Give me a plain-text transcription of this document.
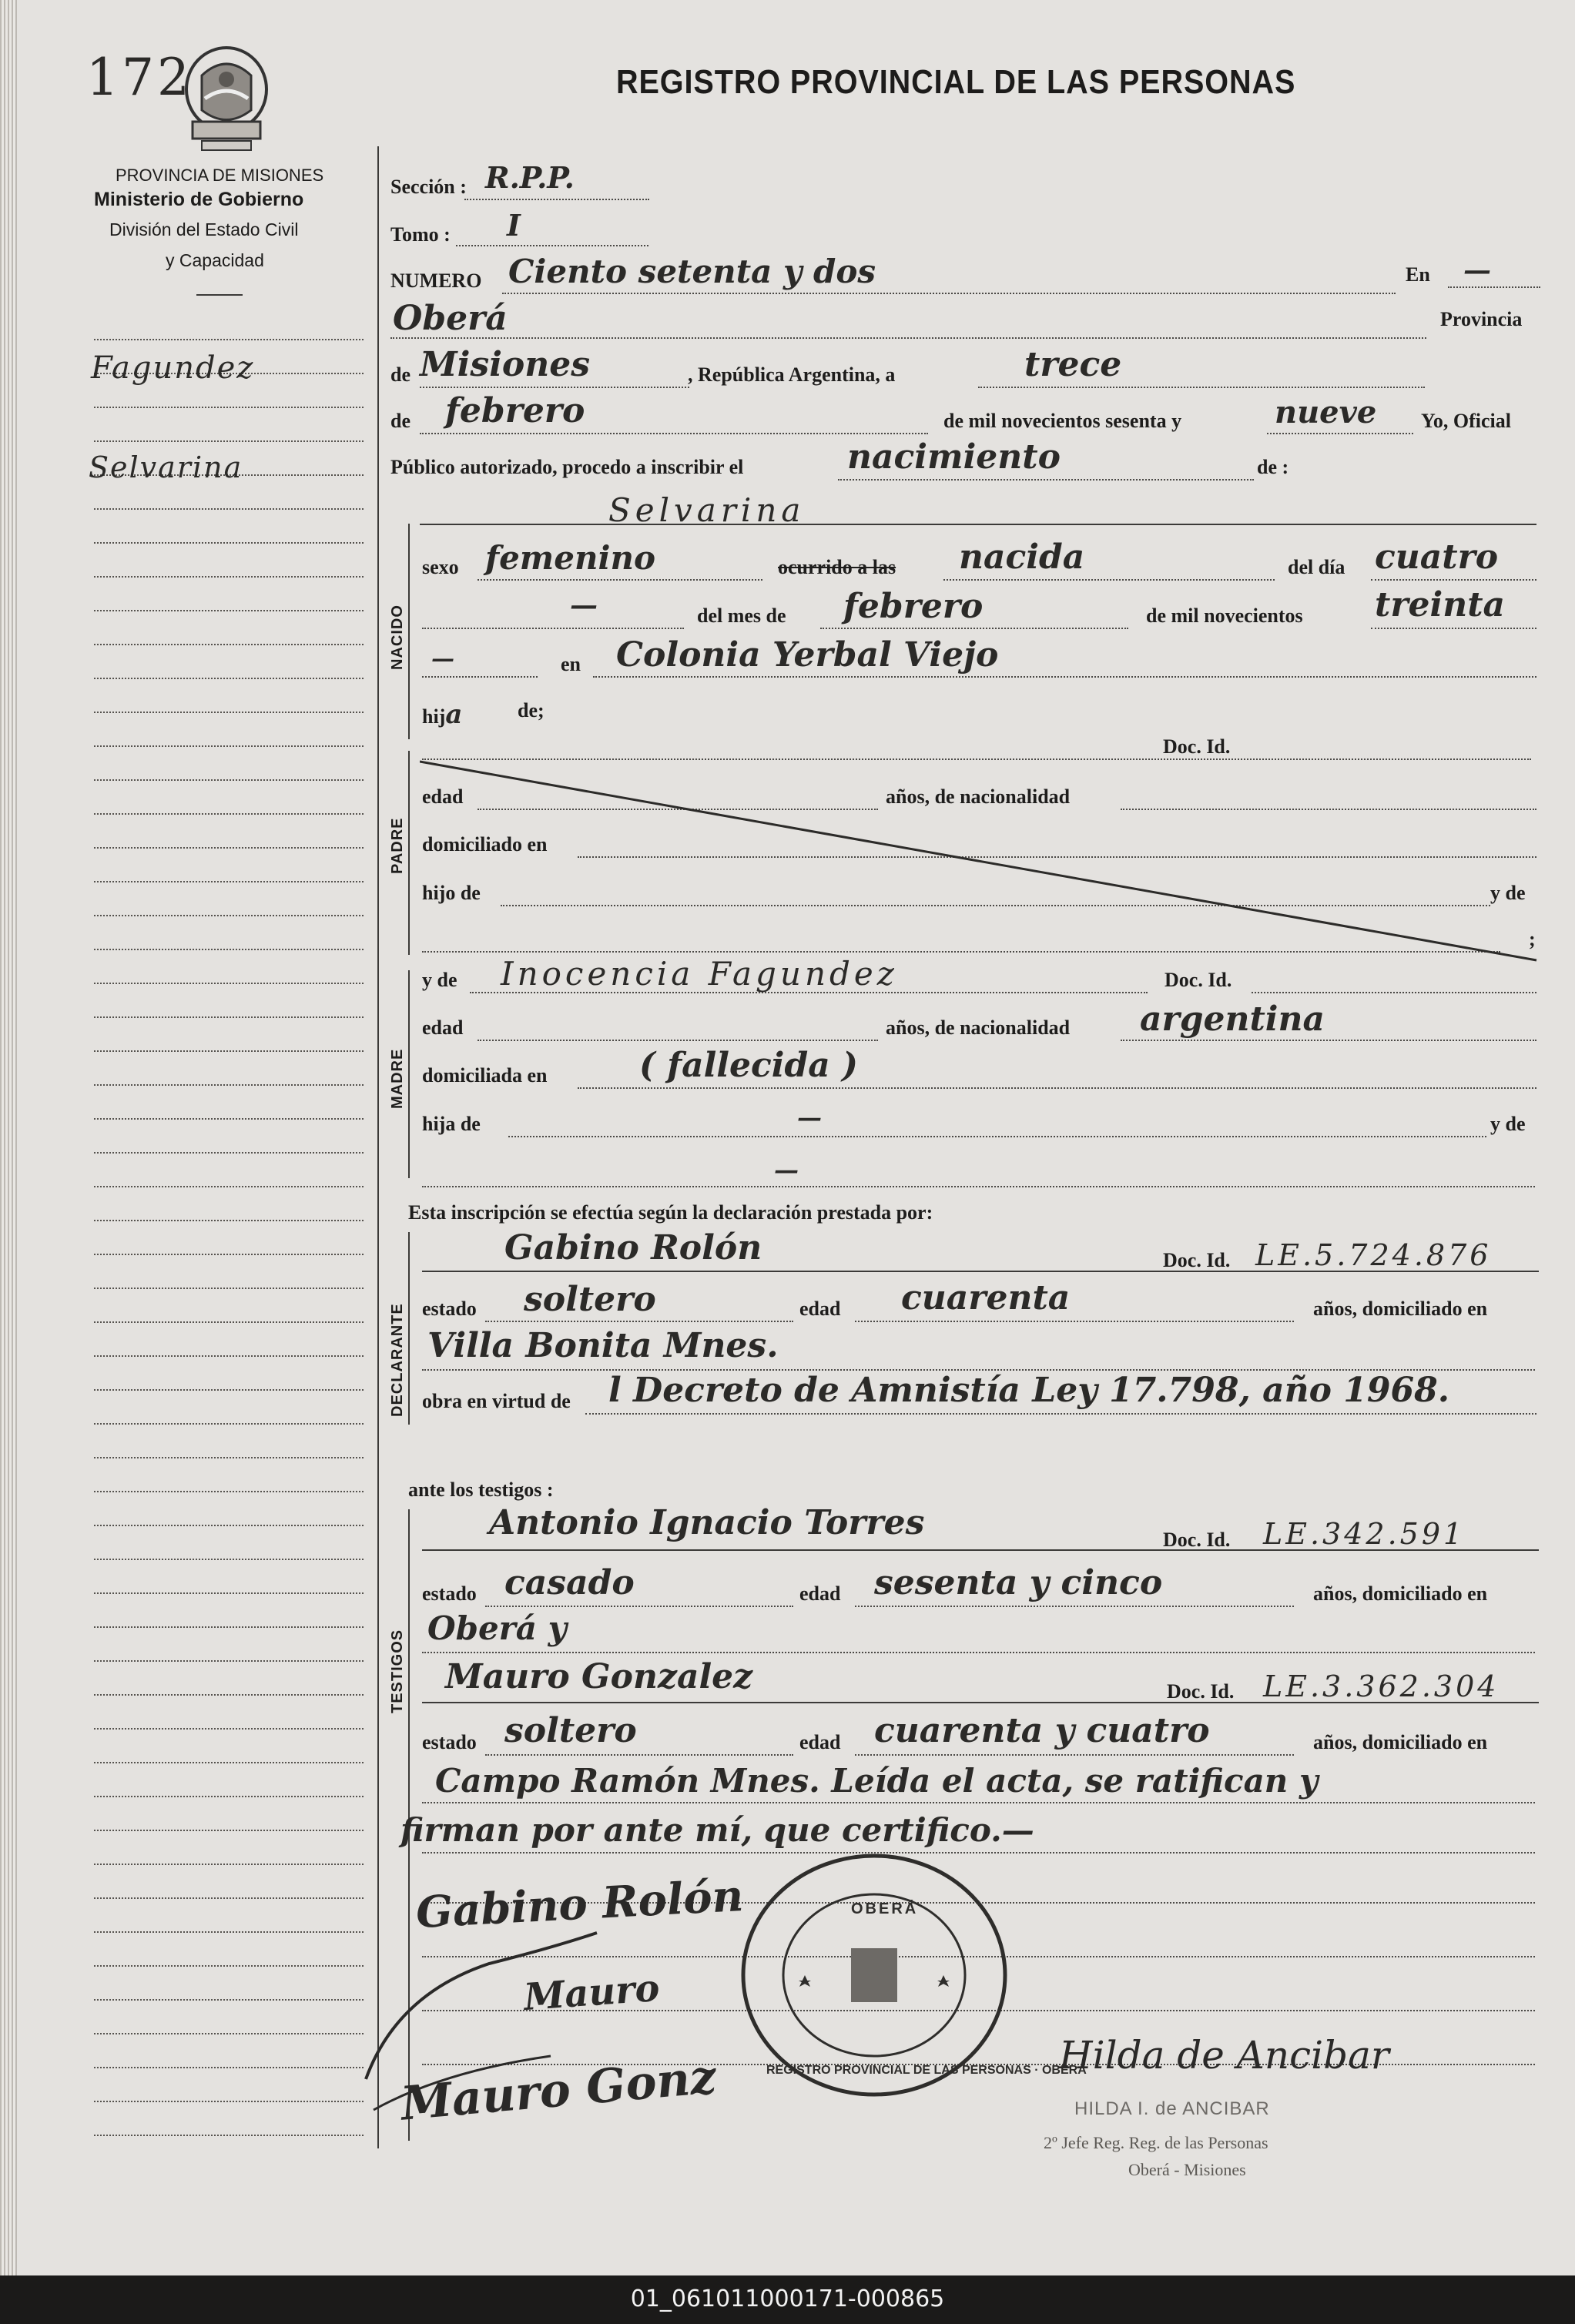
172	REGISTRO PROVINCIAL DE LAS PERSONAS
PROVINCIA DE MISIONES
Ministerio de Gobierno
División del Estado Civil
y Capacidad
Fagundez
Selvarina
Sección : R.P.P.
Tomo : I
NUMERO Ciento setenta y dos	En —
Oberá	Provincia
de Misiones	, República Argentina, a	trece
de febrero	de mil novecientos sesenta y	nueve Yo, Oficial
Público autorizado, procedo a inscribir el	nacimiento	de :
Selvarina
NACIDO
PADRE
MADRE
DECLARANTE
TESTIGOS
sexo femenino	ocurrido a las nacida	del día cuatro
—	del mes de febrero	de mil novecientos treinta
—	en Colonia Yerbal Viejo
hija	de;
Doc. Id.
edad	años, de nacionalidad
domiciliado en
hijo de	y de
;
y de Inocencia Fagundez	Doc. Id.
edad	años, de nacionalidad argentina
domiciliada en	( fallecida )
hija de	—	y de
—
Esta inscripción se efectúa según la declaración prestada por:
Gabino Rolón	Doc. Id. LE.5.724.876
estado soltero	edad cuarenta	años, domiciliado en
Villa Bonita Mnes.
obra en virtud de l Decreto de Amnistía Ley 17.798, año 1968.
ante los testigos :
Antonio Ignacio Torres	Doc. Id. LE.342.591
estado casado	edad sesenta y cinco	años, domiciliado en
Oberá y
Mauro Gonzalez	Doc. Id. LE.3.362.304
estado soltero	edad cuarenta y cuatro	años, domiciliado en
Campo Ramón Mnes. Leída el acta, se ratifican y
firman por ante mí, que certifico.—
Gabino Rolón
Mauro
Mauro Gonz
OBERÁ
REGISTRO PROVINCIAL DE LAS PERSONAS · OBERÁ
Hilda de Ancibar
HILDA I. de ANCIBAR
2º Jefe Reg. Reg. de las Personas
Oberá - Misiones
01_061011000171-000865
